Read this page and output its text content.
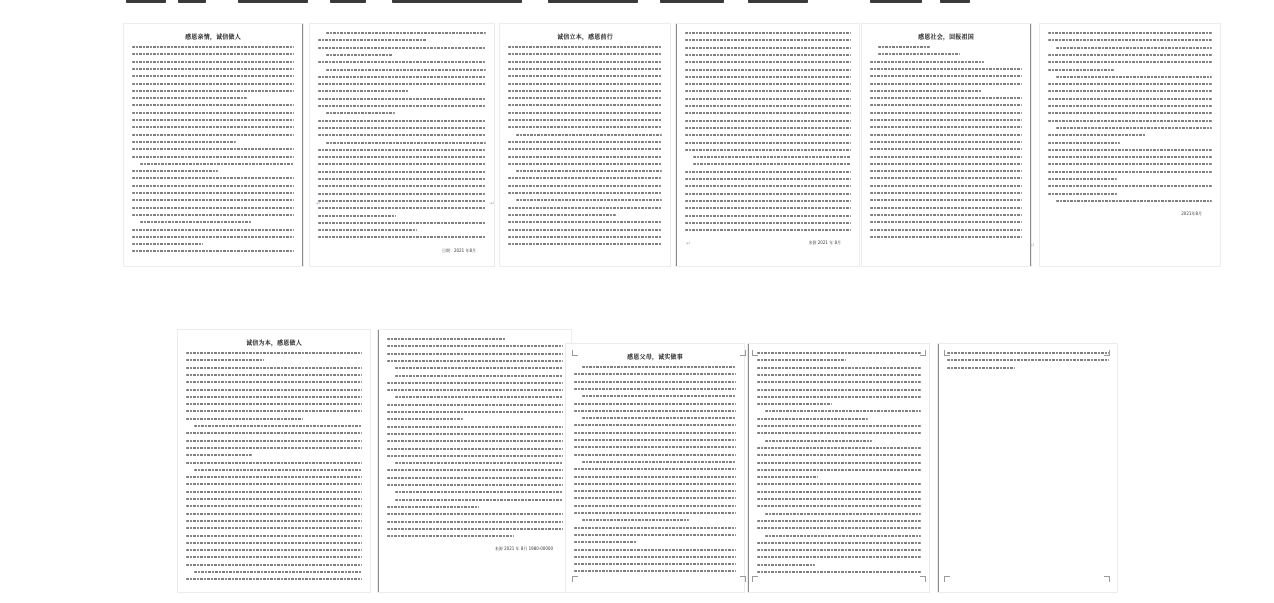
感恩亲情，诚信做人
日期：2021 年8月
诚信立本，感恩前行
来源 2021 年 8月
感恩社会，回报祖国
2021年8月
诚信为本，感恩做人
来源 2021 年 8月 1980-00000
感恩父母，诚实做事
↵	↵
↵	↵
